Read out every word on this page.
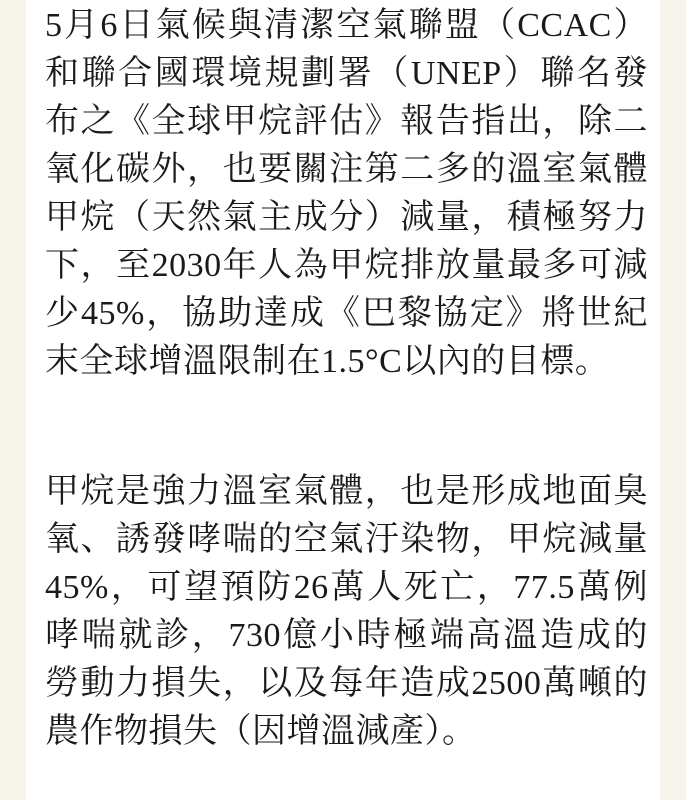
5月6日氣候與清潔空氣聯盟（CCAC）和聯合國環境規劃署（UNEP）聯名發布之《全球甲烷評估》報告指出，除二氧化碳外，也要關注第二多的溫室氣體甲烷（天然氣主成分）減量，積極努力下，至2030年人為甲烷排放量最多可減少45%，協助達成《巴黎協定》將世紀末全球增溫限制在1.5°C以內的目標。

甲烷是強力溫室氣體，也是形成地面臭氧、誘發哮喘的空氣汙染物，甲烷減量45%，可望預防26萬人死亡，77.5萬例哮喘就診，730億小時極端高溫造成的勞動力損失，以及每年造成2500萬噸的農作物損失（因增溫減產）。
